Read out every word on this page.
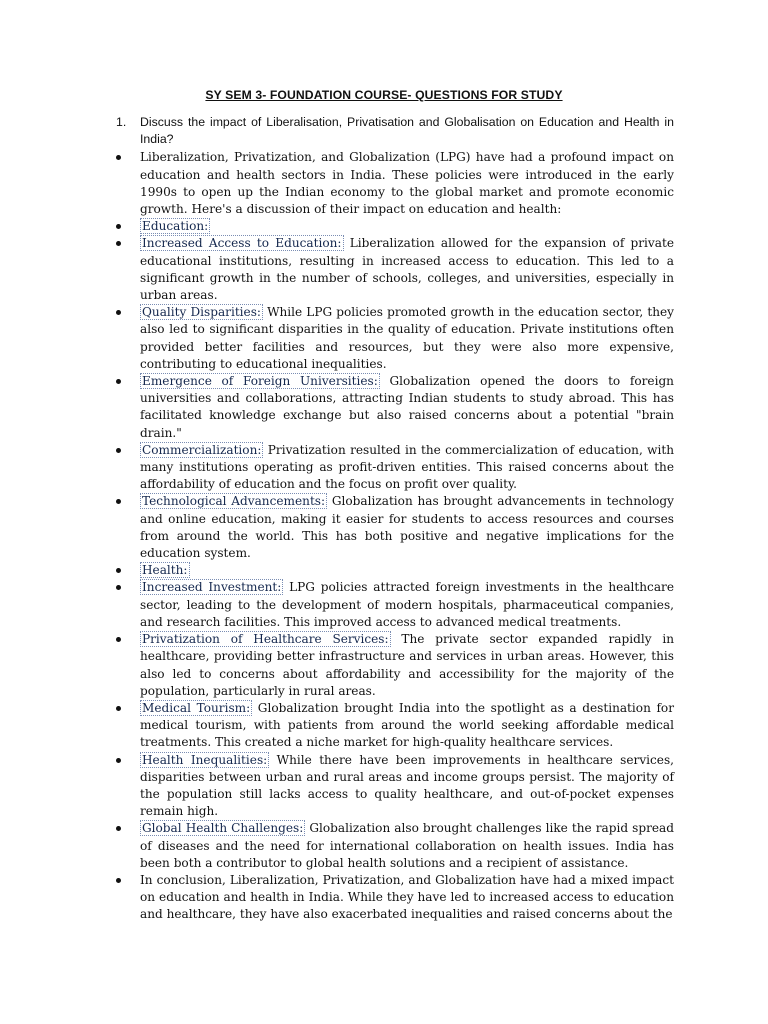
SY SEM 3- FOUNDATION COURSE- QUESTIONS FOR STUDY
1.	Discuss the impact of Liberalisation, Privatisation and Globalisation on Education and Health in India?
Liberalization, Privatization, and Globalization (LPG) have had a profound impact on education and health sectors in India. These policies were introduced in the early 1990s to open up the Indian economy to the global market and promote economic growth. Here's a discussion of their impact on education and health:
Education:
Increased Access to Education: Liberalization allowed for the expansion of private educational institutions, resulting in increased access to education. This led to a significant growth in the number of schools, colleges, and universities, especially in urban areas.
Quality Disparities: While LPG policies promoted growth in the education sector, they also led to significant disparities in the quality of education. Private institutions often provided better facilities and resources, but they were also more expensive, contributing to educational inequalities.
Emergence of Foreign Universities: Globalization opened the doors to foreign universities and collaborations, attracting Indian students to study abroad. This has facilitated knowledge exchange but also raised concerns about a potential "brain drain."
Commercialization: Privatization resulted in the commercialization of education, with many institutions operating as profit-driven entities. This raised concerns about the affordability of education and the focus on profit over quality.
Technological Advancements: Globalization has brought advancements in technology and online education, making it easier for students to access resources and courses from around the world. This has both positive and negative implications for the education system.
Health:
Increased Investment: LPG policies attracted foreign investments in the healthcare sector, leading to the development of modern hospitals, pharmaceutical companies, and research facilities. This improved access to advanced medical treatments.
Privatization of Healthcare Services: The private sector expanded rapidly in healthcare, providing better infrastructure and services in urban areas. However, this also led to concerns about affordability and accessibility for the majority of the population, particularly in rural areas.
Medical Tourism: Globalization brought India into the spotlight as a destination for medical tourism, with patients from around the world seeking affordable medical treatments. This created a niche market for high-quality healthcare services.
Health Inequalities: While there have been improvements in healthcare services, disparities between urban and rural areas and income groups persist. The majority of the population still lacks access to quality healthcare, and out-of-pocket expenses remain high.
Global Health Challenges: Globalization also brought challenges like the rapid spread of diseases and the need for international collaboration on health issues. India has been both a contributor to global health solutions and a recipient of assistance.
In conclusion, Liberalization, Privatization, and Globalization have had a mixed impact on education and health in India. While they have led to increased access to education and healthcare, they have also exacerbated inequalities and raised concerns about the
